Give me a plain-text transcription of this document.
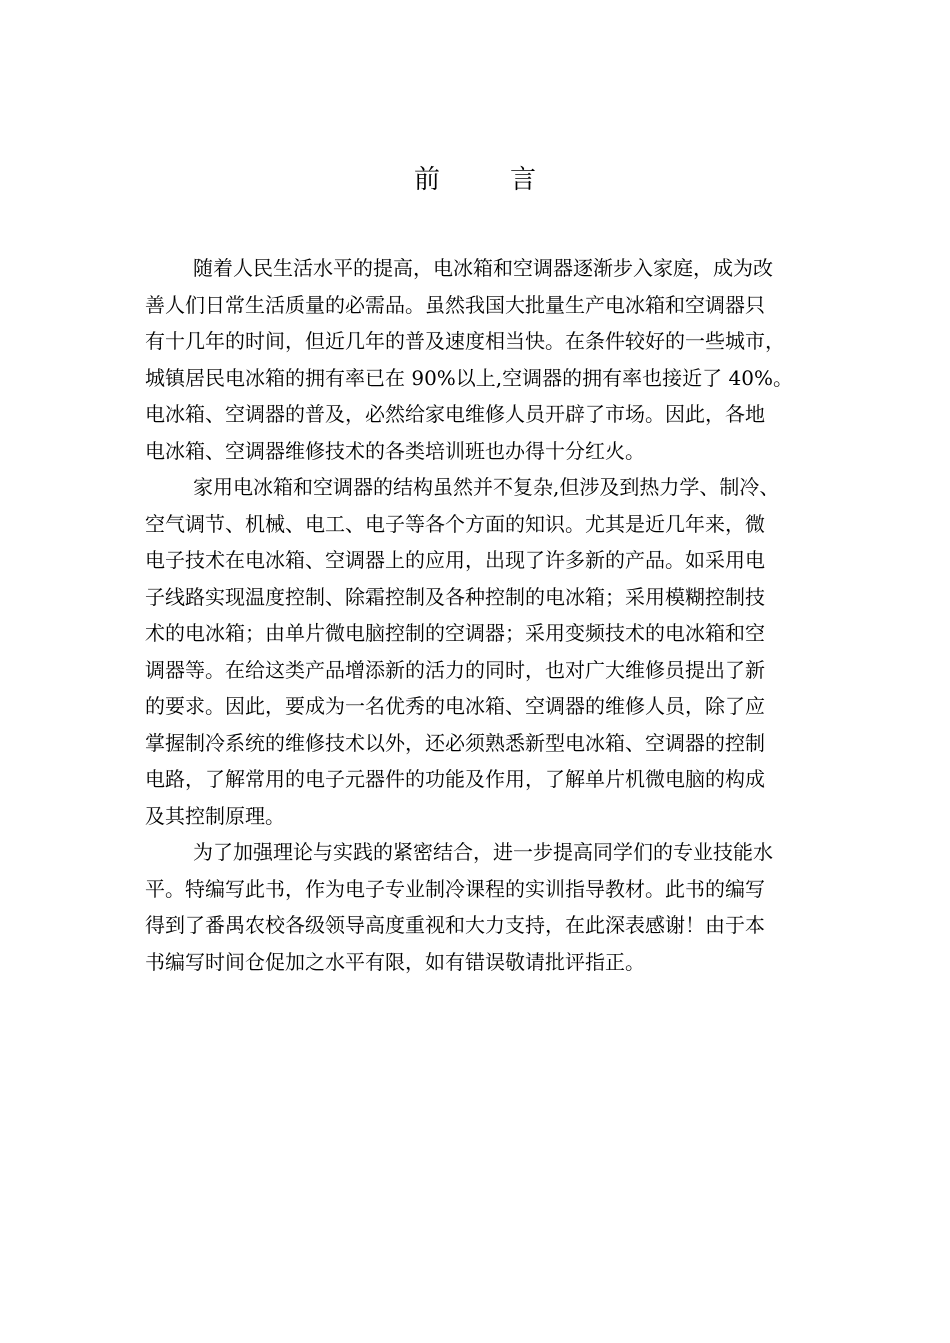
前	言
随着人民生活水平的提高，电冰箱和空调器逐渐步入家庭，成为改
善人们日常生活质量的必需品。虽然我国大批量生产电冰箱和空调器只
有十几年的时间，但近几年的普及速度相当快。在条件较好的一些城市，
城镇居民电冰箱的拥有率已在 90%以上,空调器的拥有率也接近了 40%。
电冰箱、空调器的普及，必然给家电维修人员开辟了市场。因此，各地
电冰箱、空调器维修技术的各类培训班也办得十分红火。
家用电冰箱和空调器的结构虽然并不复杂,但涉及到热力学、制冷、
空气调节、机械、电工、电子等各个方面的知识。尤其是近几年来，微
电子技术在电冰箱、空调器上的应用，出现了许多新的产品。如采用电
子线路实现温度控制、除霜控制及各种控制的电冰箱；采用模糊控制技
术的电冰箱；由单片微电脑控制的空调器；采用变频技术的电冰箱和空
调器等。在给这类产品增添新的活力的同时，也对广大维修员提出了新
的要求。因此，要成为一名优秀的电冰箱、空调器的维修人员，除了应
掌握制冷系统的维修技术以外，还必须熟悉新型电冰箱、空调器的控制
电路，了解常用的电子元器件的功能及作用，了解单片机微电脑的构成
及其控制原理。
为了加强理论与实践的紧密结合，进一步提高同学们的专业技能水
平。特编写此书，作为电子专业制冷课程的实训指导教材。此书的编写
得到了番禺农校各级领导高度重视和大力支持，在此深表感谢！由于本
书编写时间仓促加之水平有限，如有错误敬请批评指正。
